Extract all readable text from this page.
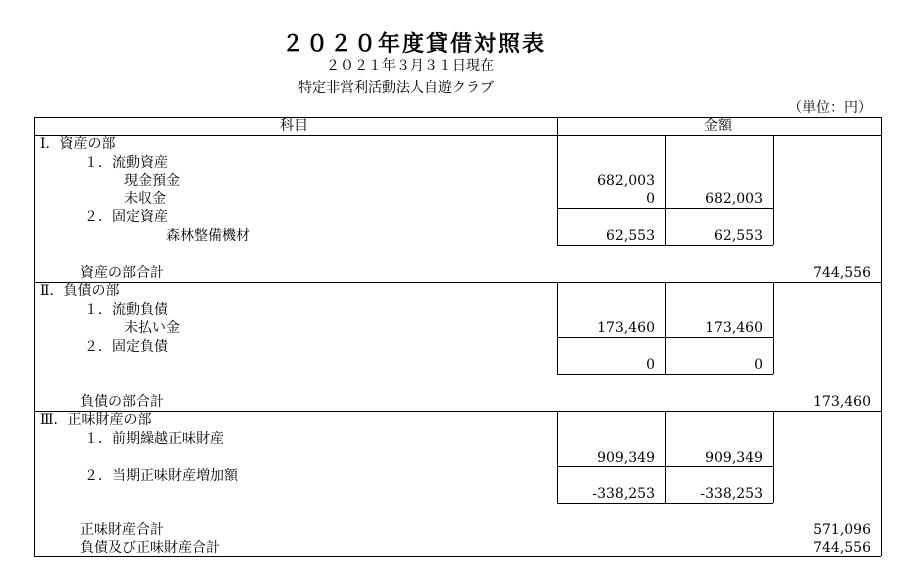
２０２０年度貸借対照表
２０２１年３月３１日現在
特定非営利活動法人自遊クラブ
（単位：円）
科目	金額
Ⅰ．資産の部
１．流動資産
現金預金	682,003
未収金	0	682,003
２．固定資産
森林整備機材	62,553	62,553
資産の部合計	744,556
Ⅱ．負債の部
１．流動負債
未払い金	173,460	173,460
２．固定負債
0	0
負債の部合計	173,460
Ⅲ．正味財産の部
１．前期繰越正味財産
909,349	909,349
２．当期正味財産増加額
-338,253	-338,253
正味財産合計	571,096
負債及び正味財産合計	744,556
